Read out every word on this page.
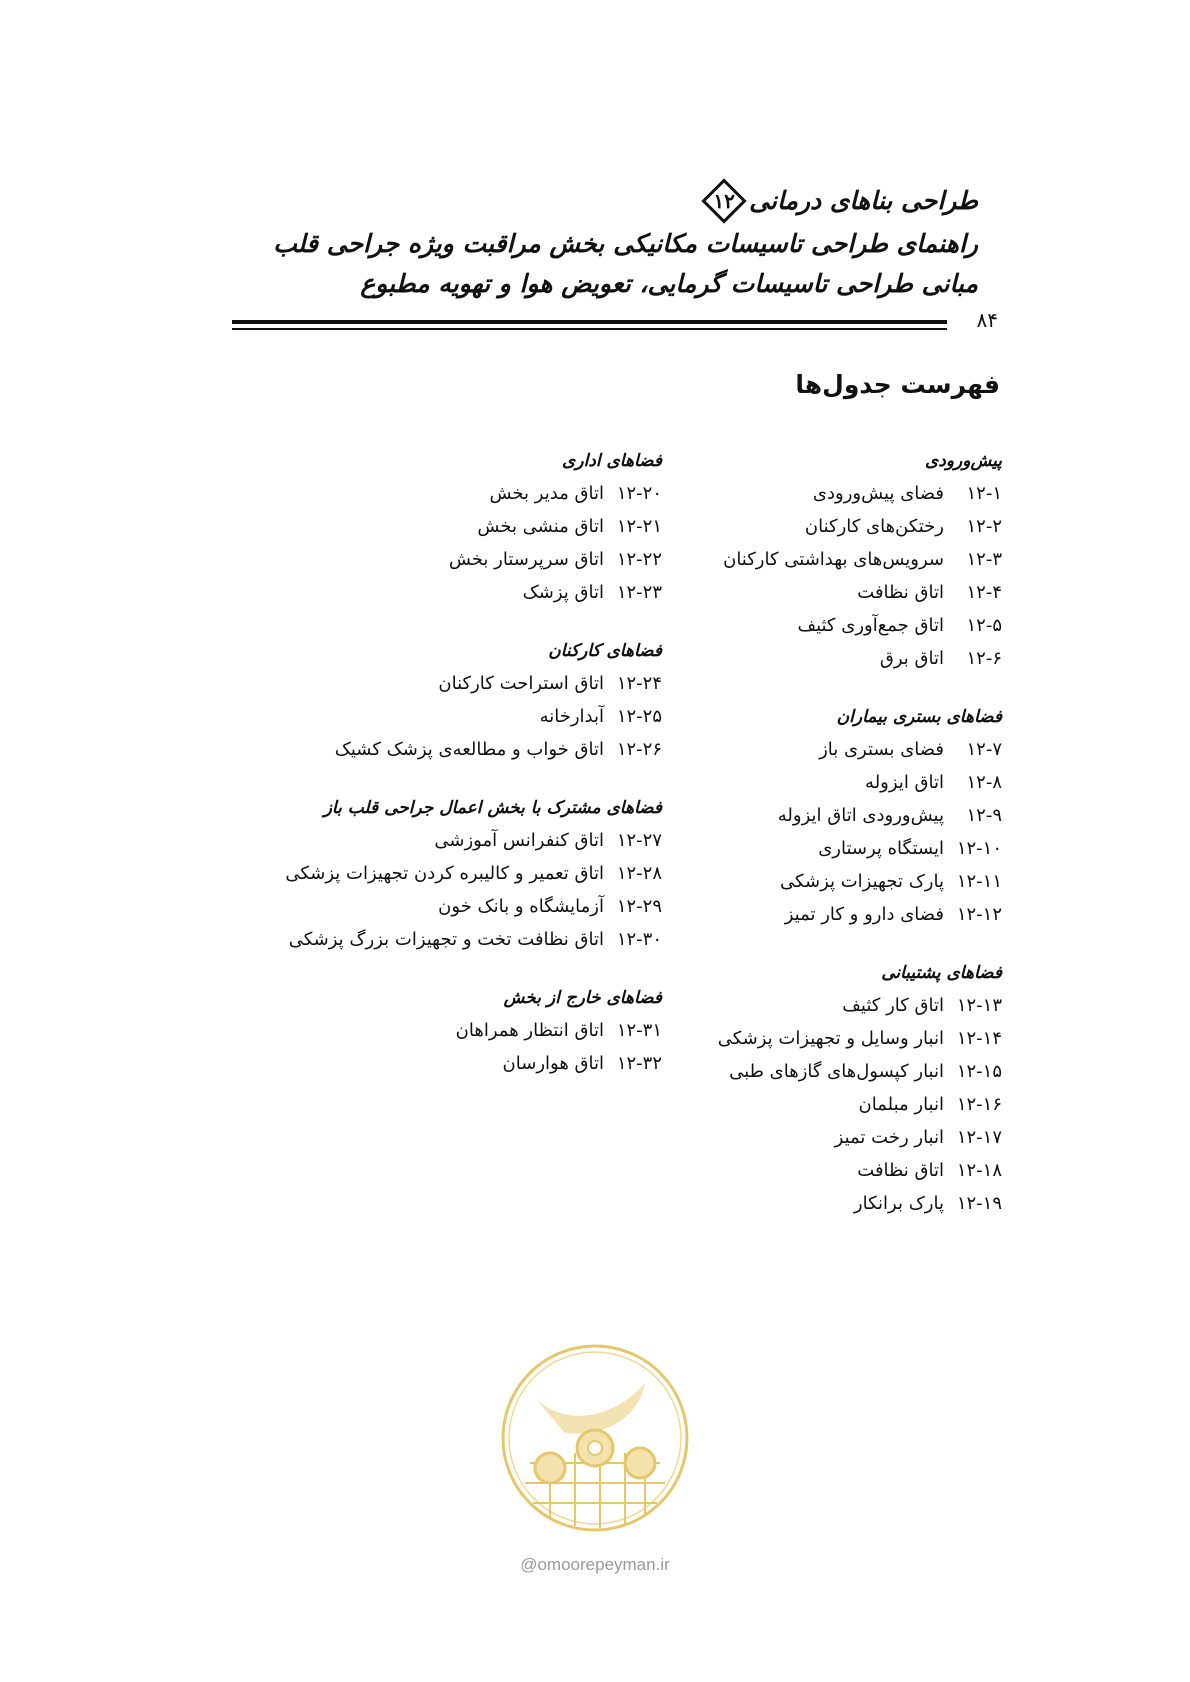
طراحی بناهای درمانی
۱۲
راهنمای طراحی تاسیسات مکانیکی بخش مراقبت ویژه جراحی قلب
مبانی طراحی تاسیسات گرمایی، تعویض هوا و تهویه مطبوع
۸۴
فهرست جدول‌ها
پیش‌ورودی
۱۲-۱فضای پیش‌ورودی
۱۲-۲رختکن‌های کارکنان
۱۲-۳سرویس‌های بهداشتی کارکنان
۱۲-۴اتاق نظافت
۱۲-۵اتاق جمع‌آوری کثیف
۱۲-۶اتاق برق
فضاهای بستری بیماران
۱۲-۷فضای بستری باز
۱۲-۸اتاق ایزوله
۱۲-۹پیش‌ورودی اتاق ایزوله
۱۲-۱۰ایستگاه پرستاری
۱۲-۱۱پارک تجهیزات پزشکی
۱۲-۱۲فضای دارو و کار تمیز
فضاهای پشتیبانی
۱۲-۱۳اتاق کار کثیف
۱۲-۱۴انبار وسایل و تجهیزات پزشکی
۱۲-۱۵انبار کپسول‌های گازهای طبی
۱۲-۱۶انبار مبلمان
۱۲-۱۷انبار رخت تمیز
۱۲-۱۸اتاق نظافت
۱۲-۱۹پارک برانکار
فضاهای اداری
۱۲-۲۰اتاق مدیر بخش
۱۲-۲۱اتاق منشی بخش
۱۲-۲۲اتاق سرپرستار بخش
۱۲-۲۳اتاق پزشک
فضاهای کارکنان
۱۲-۲۴اتاق استراحت کارکنان
۱۲-۲۵آبدارخانه
۱۲-۲۶اتاق خواب و مطالعه‌ی پزشک کشیک
فضاهای مشترک با بخش اعمال جراحی قلب باز
۱۲-۲۷اتاق کنفرانس آموزشی
۱۲-۲۸اتاق تعمیر و کالیبره کردن تجهیزات پزشکی
۱۲-۲۹آزمایشگاه و بانک خون
۱۲-۳۰اتاق نظافت تخت و تجهیزات بزرگ پزشکی
فضاهای خارج از بخش
۱۲-۳۱اتاق انتظار همراهان
۱۲-۳۲اتاق هوارسان
@omoorepeyman.ir
